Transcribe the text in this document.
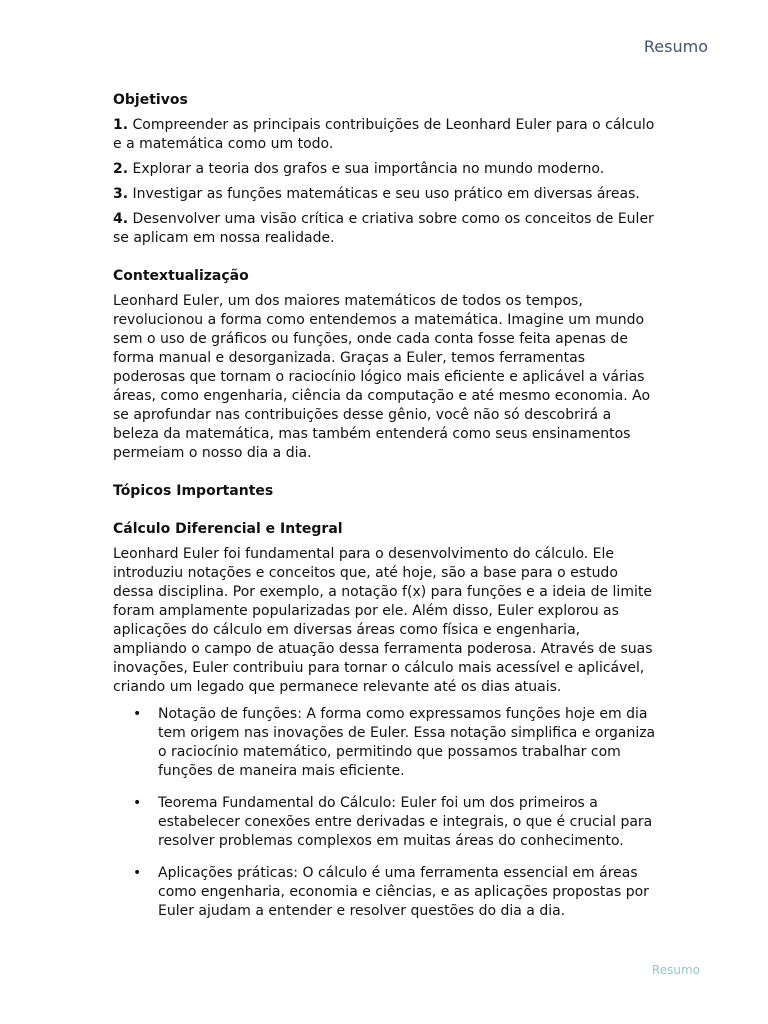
Resumo
Objetivos

1. Compreender as principais contribuições de Leonhard Euler para o cálculo e a matemática como um todo.

2. Explorar a teoria dos grafos e sua importância no mundo moderno.

3. Investigar as funções matemáticas e seu uso prático em diversas áreas.

4. Desenvolver uma visão crítica e criativa sobre como os conceitos de Euler se aplicam em nossa realidade.

Contextualização

Leonhard Euler, um dos maiores matemáticos de todos os tempos, revolucionou a forma como entendemos a matemática. Imagine um mundo sem o uso de gráficos ou funções, onde cada conta fosse feita apenas de forma manual e desorganizada. Graças a Euler, temos ferramentas poderosas que tornam o raciocínio lógico mais eficiente e aplicável a várias áreas, como engenharia, ciência da computação e até mesmo economia. Ao se aprofundar nas contribuições desse gênio, você não só descobrirá a beleza da matemática, mas também entenderá como seus ensinamentos permeiam o nosso dia a dia.

Tópicos Importantes
Cálculo Diferencial e Integral

Leonhard Euler foi fundamental para o desenvolvimento do cálculo. Ele introduziu notações e conceitos que, até hoje, são a base para o estudo dessa disciplina. Por exemplo, a notação f(x) para funções e a ideia de limite foram amplamente popularizadas por ele. Além disso, Euler explorou as aplicações do cálculo em diversas áreas como física e engenharia, ampliando o campo de atuação dessa ferramenta poderosa. Através de suas inovações, Euler contribuiu para tornar o cálculo mais acessível e aplicável, criando um legado que permanece relevante até os dias atuais.

• Notação de funções: A forma como expressamos funções hoje em dia tem origem nas inovações de Euler. Essa notação simplifica e organiza o raciocínio matemático, permitindo que possamos trabalhar com funções de maneira mais eficiente.
• Teorema Fundamental do Cálculo: Euler foi um dos primeiros a estabelecer conexões entre derivadas e integrais, o que é crucial para resolver problemas complexos em muitas áreas do conhecimento.
• Aplicações práticas: O cálculo é uma ferramenta essencial em áreas como engenharia, economia e ciências, e as aplicações propostas por Euler ajudam a entender e resolver questões do dia a dia.
Resumo
